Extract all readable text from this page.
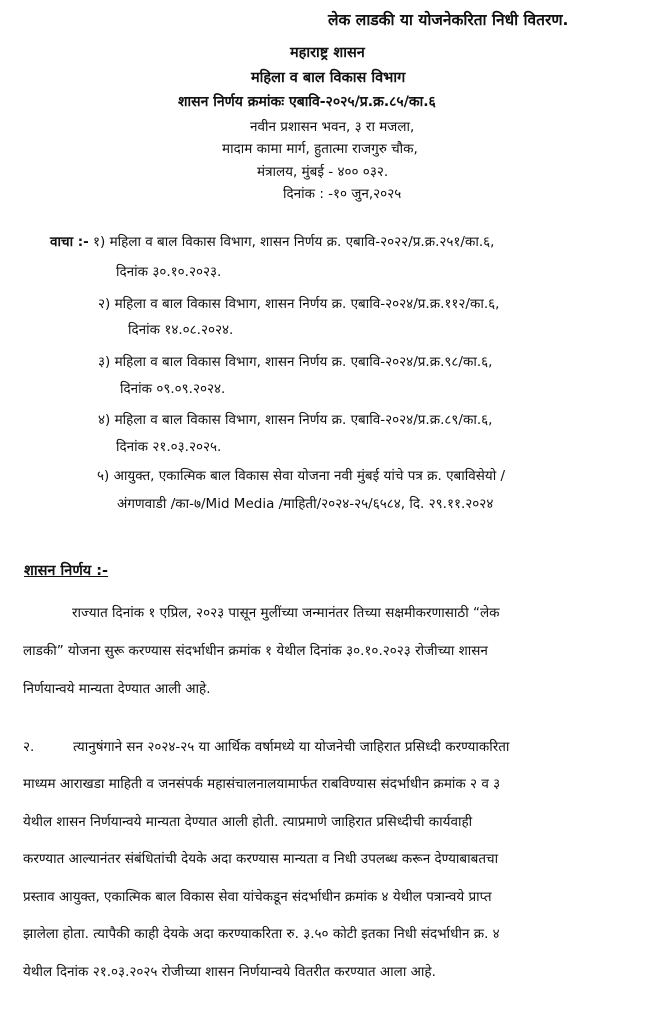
लेक लाडकी या योजनेकरिता निधी वितरण.
महाराष्ट्र शासन
महिला व बाल विकास विभाग
शासन निर्णय क्रमांकः एबावि-२०२५/प्र.क्र.८५/का.६
नवीन प्रशासन भवन, ३ रा मजला,
मादाम कामा मार्ग, हुतात्मा राजगुरु चौक,
मंत्रालय, मुंबई - ४०० ०३२.
दिनांक : -१० जुन,२०२५
वाचा :- १) महिला व बाल विकास विभाग, शासन निर्णय क्र. एबावि-२०२२/प्र.क्र.२५१/का.६,
दिनांक ३०.१०.२०२३.
२) महिला व बाल विकास विभाग, शासन निर्णय क्र. एबावि-२०२४/प्र.क्र.११२/का.६,
दिनांक १४.०८.२०२४.
३) महिला व बाल विकास विभाग, शासन निर्णय क्र. एबावि-२०२४/प्र.क्र.९८/का.६,
दिनांक ०९.०९.२०२४.
४) महिला व बाल विकास विभाग, शासन निर्णय क्र. एबावि-२०२४/प्र.क्र.८९/का.६,
दिनांक २१.०३.२०२५.
५) आयुक्त, एकात्मिक बाल विकास सेवा योजना नवी मुंबई यांचे पत्र क्र. एबाविसेयो /
अंगणवाडी /का-७/Mid Media /माहिती/२०२४-२५/६५८४, दि. २९.११.२०२४
शासन निर्णय :-
राज्यात दिनांक १ एप्रिल, २०२३ पासून मुलींच्या जन्मानंतर तिच्या सक्षमीकरणासाठी “लेक
लाडकी” योजना सुरू करण्यास संदर्भाधीन क्रमांक १ येथील दिनांक ३०.१०.२०२३ रोजीच्या शासन
निर्णयान्वये मान्यता देण्यात आली आहे.
२.	त्यानुषंगाने सन २०२४-२५ या आर्थिक वर्षामध्ये या योजनेची जाहिरात प्रसिध्दी करण्याकरिता
माध्यम आराखडा माहिती व जनसंपर्क महासंचालनालयामार्फत राबविण्यास संदर्भाधीन क्रमांक २ व ३
येथील शासन निर्णयान्वये मान्यता देण्यात आली होती. त्याप्रमाणे जाहिरात प्रसिध्दीची कार्यवाही
करण्यात आल्यानंतर संबंधितांची देयके अदा करण्यास मान्यता व निधी उपलब्ध करून देण्याबाबतचा
प्रस्ताव आयुक्त, एकात्मिक बाल विकास सेवा यांचेकडून संदर्भाधीन क्रमांक ४ येथील पत्रान्वये प्राप्त
झालेला होता. त्यापैकी काही देयके अदा करण्याकरिता रु. ३.५० कोटी इतका निधी संदर्भाधीन क्र. ४
येथील दिनांक २१.०३.२०२५ रोजीच्या शासन निर्णयान्वये वितरीत करण्यात आला आहे.
